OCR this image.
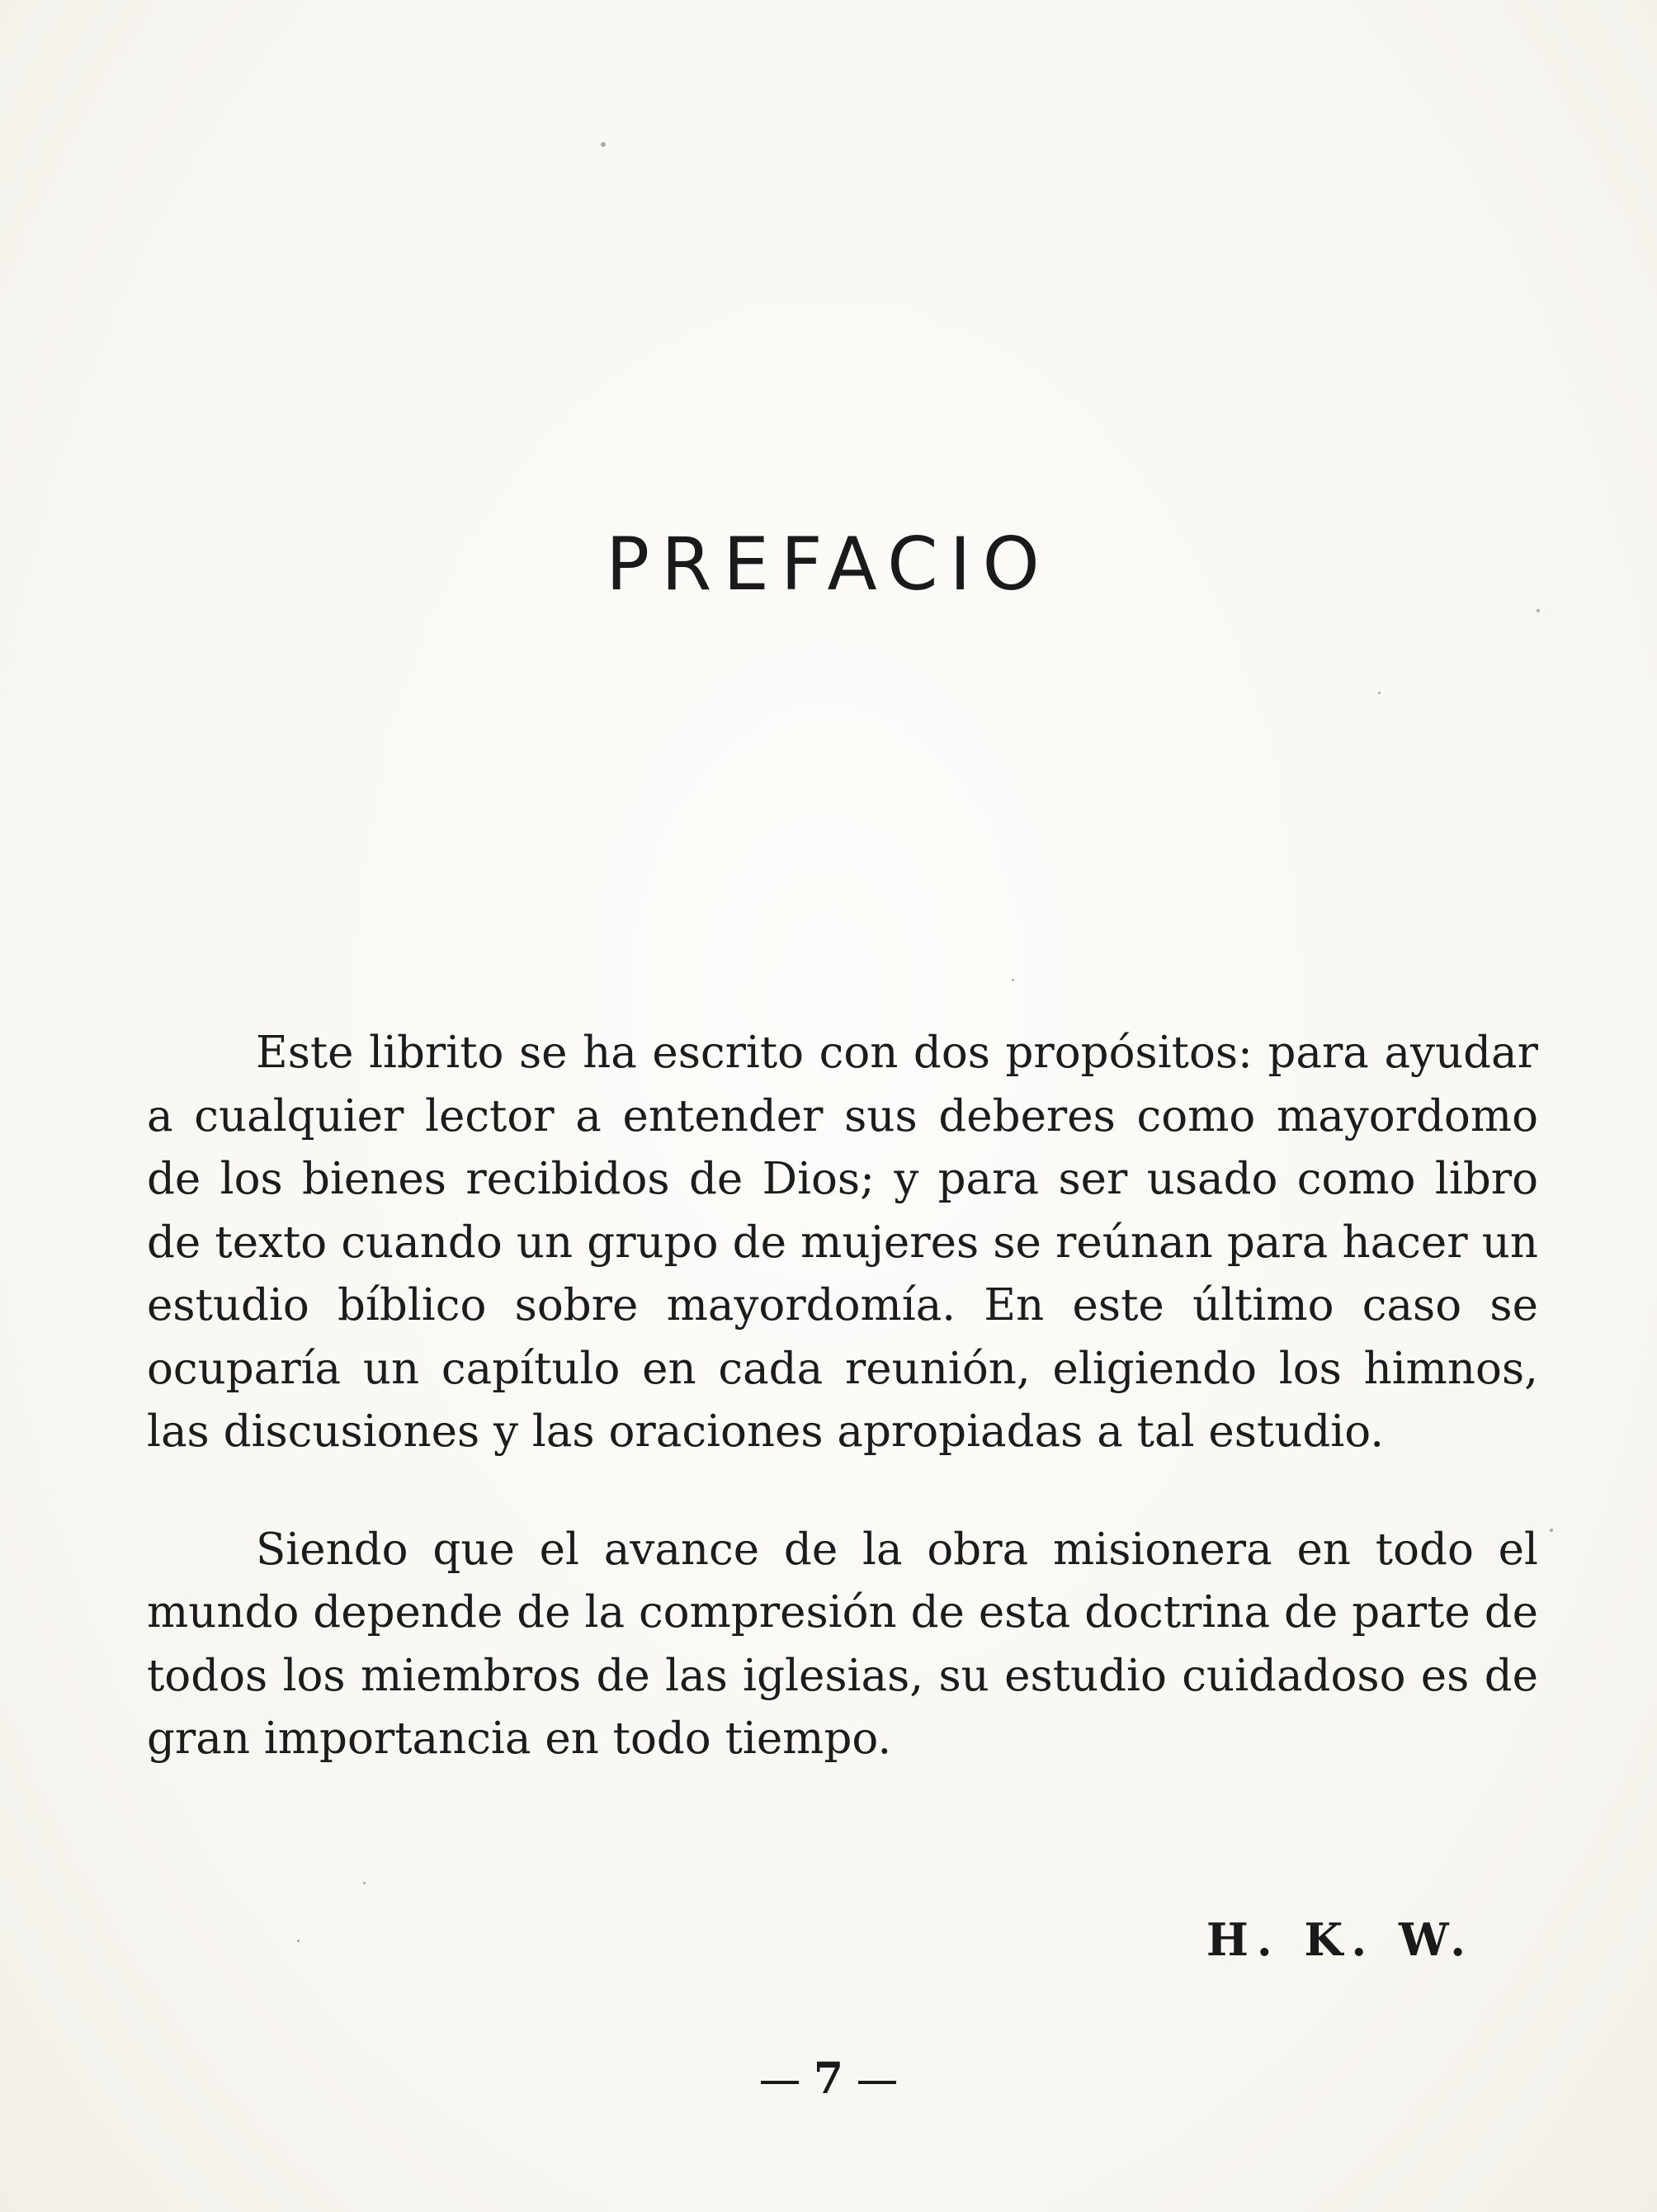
PREFACIO

Este librito se ha escrito con dos propósitos: para ayudar a cualquier lector a entender sus deberes como mayordomo de los bienes recibidos de Dios; y para ser usado como libro de texto cuando un grupo de mujeres se reúnan para hacer un estudio bíblico sobre mayordomía. En este último caso se ocuparía un capítulo en cada reunión, eligiendo los himnos, las discusiones y las oraciones apropiadas a tal estudio.

Siendo que el avance de la obra misionera en todo el mundo depende de la compresión de esta doctrina de parte de todos los miembros de las iglesias, su estudio cuidadoso es de gran importancia en todo tiempo.

H. K. W.
7
